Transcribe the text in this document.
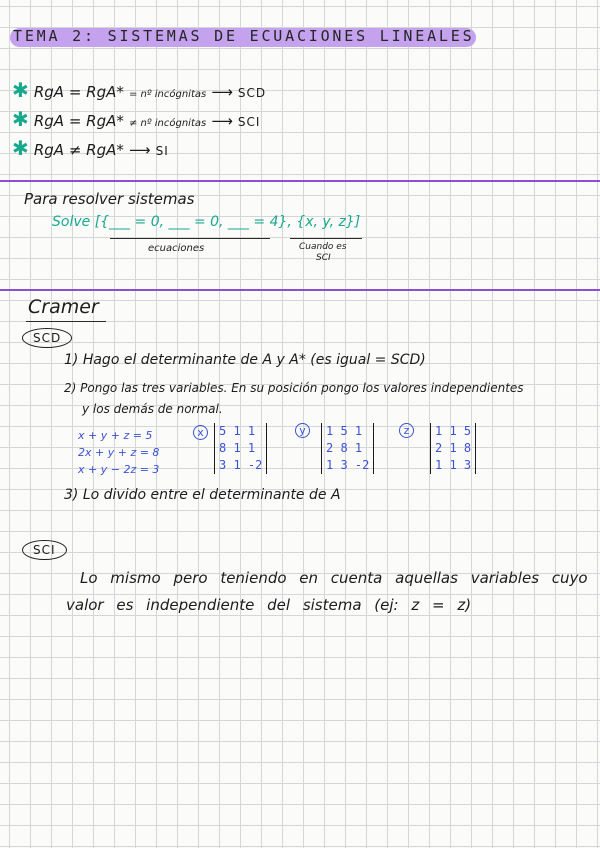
TEMA 2: SISTEMAS DE ECUACIONES LINEALES
✱ RgA = RgA* = nº incógnitas ⟶ SCD
✱ RgA = RgA* ≠ nº incógnitas ⟶ SCI
✱ RgA ≠ RgA* ⟶ SI
Para resolver sistemas
Solve [{___ = 0, ___ = 0, ___ = 4}, {x, y, z}]
ecuaciones	Cuando es
SCI
Cramer
SCD
1) Hago el determinante de A y A* (es igual = SCD)
2) Pongo las tres variables. En su posición pongo los valores independientes
y los demás de normal.
x + y + z = 5
2x + y + z = 8
x + y − 2z = 3
x	5 1 1
8 1 1
3 1 -2
y	1 5 1
2 8 1
1 3 -2
z	1 1 5
2 1 8
1 1 3
3) Lo divido entre el determinante de A
SCI
Lo mismo pero teniendo en cuenta aquellas variables cuyo
valor es independiente del sistema (ej: z = z)
